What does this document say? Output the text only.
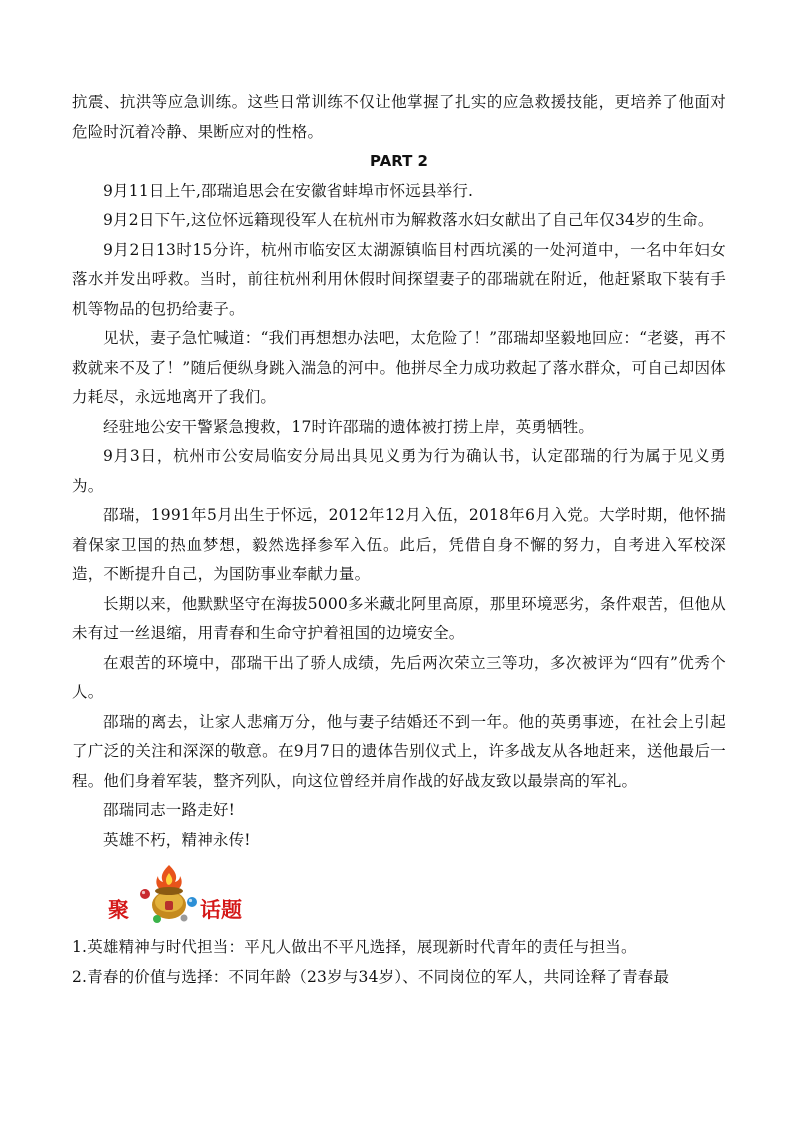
抗震、抗洪等应急训练。这些日常训练不仅让他掌握了扎实的应急救援技能，更培养了他面对危险时沉着冷静、果断应对的性格。

PART 2

9月11日上午,邵瑞追思会在安徽省蚌埠市怀远县举行.

9月2日下午,这位怀远籍现役军人在杭州市为解救落水妇女献出了自己年仅34岁的生命。

9月2日13时15分许，杭州市临安区太湖源镇临目村西坑溪的一处河道中，一名中年妇女落水并发出呼救。当时，前往杭州利用休假时间探望妻子的邵瑞就在附近，他赶紧取下装有手机等物品的包扔给妻子。

见状，妻子急忙喊道：“我们再想想办法吧，太危险了！”邵瑞却坚毅地回应：“老婆，再不救就来不及了！”随后便纵身跳入湍急的河中。他拼尽全力成功救起了落水群众，可自己却因体力耗尽，永远地离开了我们。

经驻地公安干警紧急搜救，17时许邵瑞的遗体被打捞上岸，英勇牺牲。

9月3日，杭州市公安局临安分局出具见义勇为行为确认书，认定邵瑞的行为属于见义勇为。

邵瑞，1991年5月出生于怀远，2012年12月入伍，2018年6月入党。大学时期，他怀揣着保家卫国的热血梦想，毅然选择参军入伍。此后，凭借自身不懈的努力，自考进入军校深造，不断提升自己，为国防事业奉献力量。

长期以来，他默默坚守在海拔5000多米藏北阿里高原，那里环境恶劣，条件艰苦，但他从未有过一丝退缩，用青春和生命守护着祖国的边境安全。

在艰苦的环境中，邵瑞干出了骄人成绩，先后两次荣立三等功，多次被评为“四有”优秀个人。

邵瑞的离去，让家人悲痛万分，他与妻子结婚还不到一年。他的英勇事迹，在社会上引起了广泛的关注和深深的敬意。在9月7日的遗体告别仪式上，许多战友从各地赶来，送他最后一程。他们身着军装，整齐列队，向这位曾经并肩作战的好战友致以最崇高的军礼。

邵瑞同志一路走好!

英雄不朽，精神永传!

聚	话题

1.英雄精神与时代担当：平凡人做出不平凡选择，展现新时代青年的责任与担当。

2.青春的价值与选择：不同年龄（23岁与34岁）、不同岗位的军人，共同诠释了青春最
